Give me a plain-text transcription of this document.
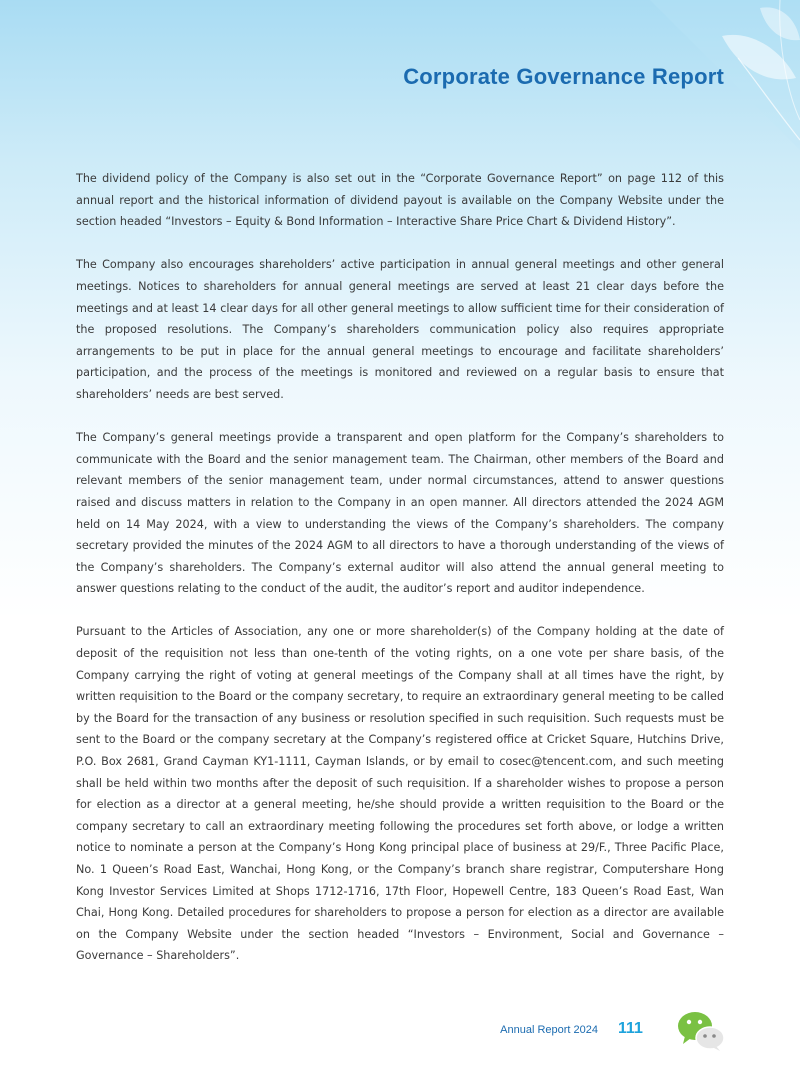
Corporate Governance Report

The dividend policy of the Company is also set out in the “Corporate Governance Report” on page 112 of this annual report and the historical information of dividend payout is available on the Company Website under the section headed “Investors – Equity & Bond Information – Interactive Share Price Chart & Dividend History”.

The Company also encourages shareholders’ active participation in annual general meetings and other general meetings. Notices to shareholders for annual general meetings are served at least 21 clear days before the meetings and at least 14 clear days for all other general meetings to allow sufficient time for their consideration of the proposed resolutions. The Company’s shareholders communication policy also requires appropriate arrangements to be put in place for the annual general meetings to encourage and facilitate shareholders’ participation, and the process of the meetings is monitored and reviewed on a regular basis to ensure that shareholders’ needs are best served.

The Company’s general meetings provide a transparent and open platform for the Company’s shareholders to communicate with the Board and the senior management team. The Chairman, other members of the Board and relevant members of the senior management team, under normal circumstances, attend to answer questions raised and discuss matters in relation to the Company in an open manner. All directors attended the 2024 AGM held on 14 May 2024, with a view to understanding the views of the Company’s shareholders. The company secretary provided the minutes of the 2024 AGM to all directors to have a thorough understanding of the views of the Company’s shareholders. The Company’s external auditor will also attend the annual general meeting to answer questions relating to the conduct of the audit, the auditor’s report and auditor independence.

Pursuant to the Articles of Association, any one or more shareholder(s) of the Company holding at the date of deposit of the requisition not less than one-tenth of the voting rights, on a one vote per share basis, of the Company carrying the right of voting at general meetings of the Company shall at all times have the right, by written requisition to the Board or the company secretary, to require an extraordinary general meeting to be called by the Board for the transaction of any business or resolution specified in such requisition. Such requests must be sent to the Board or the company secretary at the Company’s registered office at Cricket Square, Hutchins Drive, P.O. Box 2681, Grand Cayman KY1-1111, Cayman Islands, or by email to cosec@tencent.com, and such meeting shall be held within two months after the deposit of such requisition. If a shareholder wishes to propose a person for election as a director at a general meeting, he/she should provide a written requisition to the Board or the company secretary to call an extraordinary meeting following the procedures set forth above, or lodge a written notice to nominate a person at the Company’s Hong Kong principal place of business at 29/F., Three Pacific Place, No. 1 Queen’s Road East, Wanchai, Hong Kong, or the Company’s branch share registrar, Computershare Hong Kong Investor Services Limited at Shops 1712-1716, 17th Floor, Hopewell Centre, 183 Queen’s Road East, Wan Chai, Hong Kong. Detailed procedures for shareholders to propose a person for election as a director are available on the Company Website under the section headed “Investors – Environment, Social and Governance – Governance – Shareholders”.

Annual Report 2024 111
